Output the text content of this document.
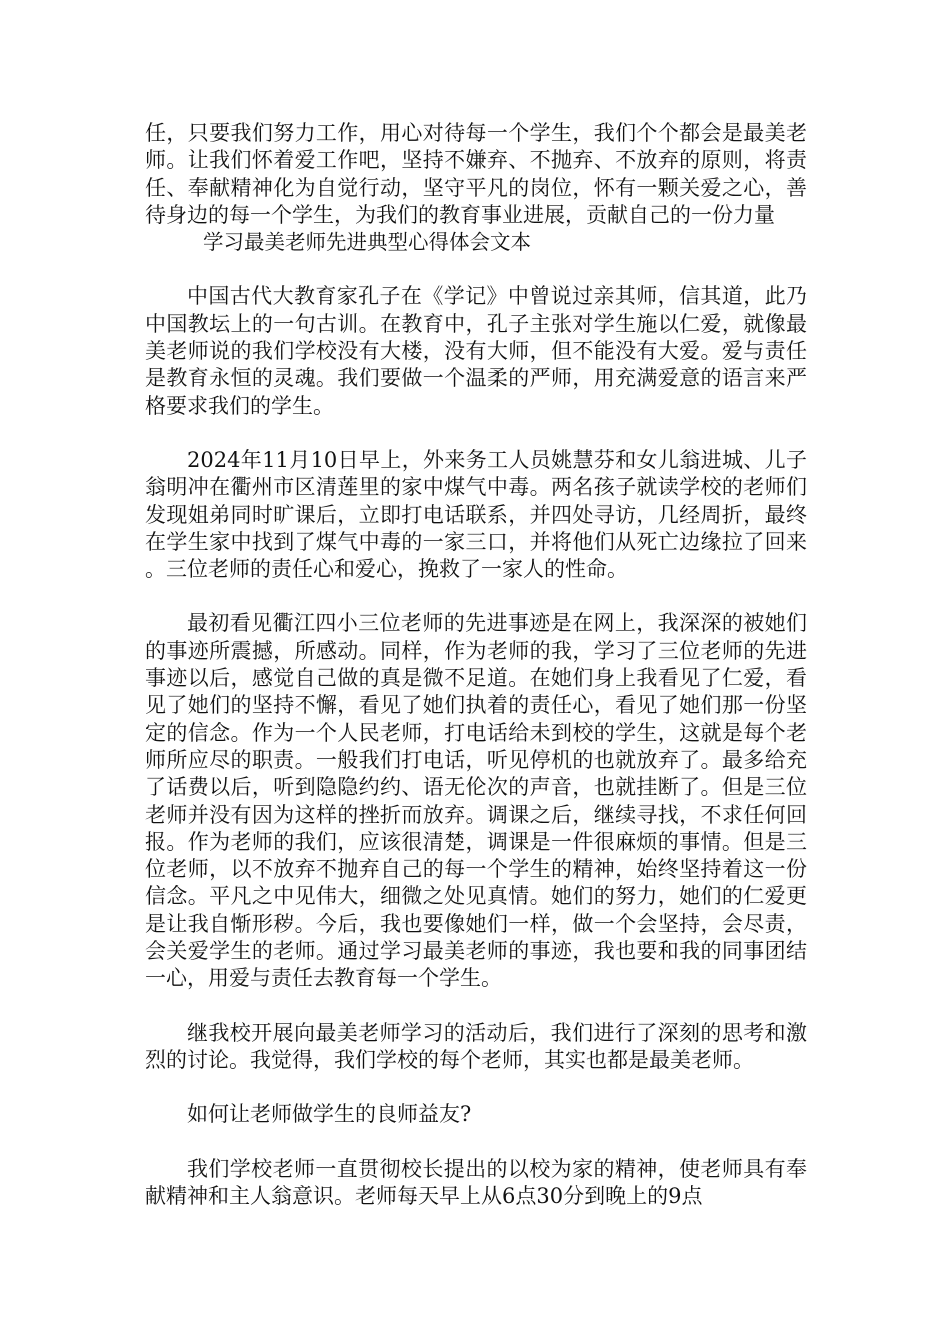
任，只要我们努力工作，用心对待每一个学生，我们个个都会是最美老师。让我们怀着爱工作吧，坚持不嫌弃、不抛弃、不放弃的原则，将责任、奉献精神化为自觉行动，坚守平凡的岗位，怀有一颗关爱之心，善待身边的每一个学生，为我们的教育事业进展，贡献自己的一份力量

学习最美老师先进典型心得体会文本

中国古代大教育家孔子在《学记》中曾说过亲其师，信其道，此乃中国教坛上的一句古训。在教育中，孔子主张对学生施以仁爱，就像最美老师说的我们学校没有大楼，没有大师，但不能没有大爱。爱与责任是教育永恒的灵魂。我们要做一个温柔的严师，用充满爱意的语言来严格要求我们的学生。

2024年11月10日早上，外来务工人员姚慧芬和女儿翁进城、儿子翁明冲在衢州市区清莲里的家中煤气中毒。两名孩子就读学校的老师们发现姐弟同时旷课后，立即打电话联系，并四处寻访，几经周折，最终在学生家中找到了煤气中毒的一家三口，并将他们从死亡边缘拉了回来。三位老师的责任心和爱心，挽救了一家人的性命。

最初看见衢江四小三位老师的先进事迹是在网上，我深深的被她们的事迹所震撼，所感动。同样，作为老师的我，学习了三位老师的先进事迹以后，感觉自己做的真是微不足道。在她们身上我看见了仁爱，看见了她们的坚持不懈，看见了她们执着的责任心，看见了她们那一份坚定的信念。作为一个人民老师，打电话给未到校的学生，这就是每个老师所应尽的职责。一般我们打电话，听见停机的也就放弃了。最多给充了话费以后，听到隐隐约约、语无伦次的声音，也就挂断了。但是三位老师并没有因为这样的挫折而放弃。调课之后，继续寻找，不求任何回报。作为老师的我们，应该很清楚，调课是一件很麻烦的事情。但是三位老师，以不放弃不抛弃自己的每一个学生的精神，始终坚持着这一份信念。平凡之中见伟大，细微之处见真情。她们的努力，她们的仁爱更是让我自惭形秽。今后，我也要像她们一样，做一个会坚持，会尽责，会关爱学生的老师。通过学习最美老师的事迹，我也要和我的同事团结一心，用爱与责任去教育每一个学生。

继我校开展向最美老师学习的活动后，我们进行了深刻的思考和激烈的讨论。我觉得，我们学校的每个老师，其实也都是最美老师。

如何让老师做学生的良师益友?

我们学校老师一直贯彻校长提出的以校为家的精神，使老师具有奉献精神和主人翁意识。老师每天早上从6点30分到晚上的9点
